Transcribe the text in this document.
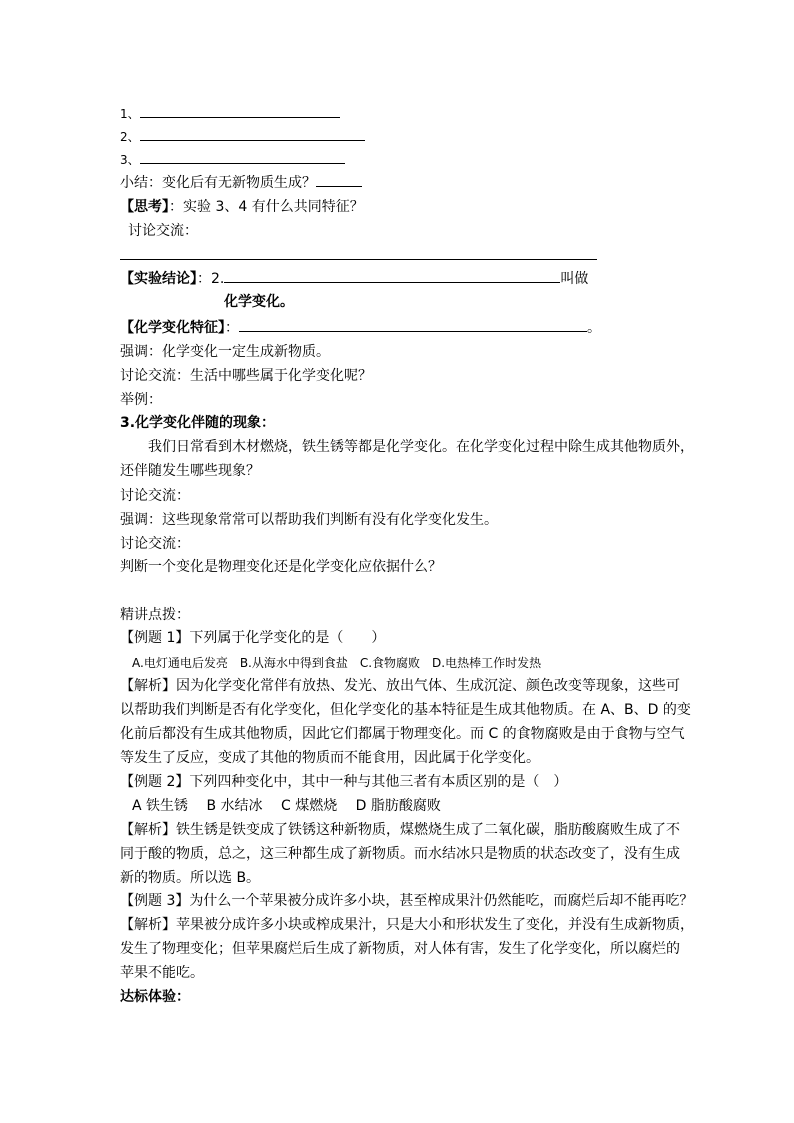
1、
2、
3、
小结：变化后有无新物质生成？
【思考】：实验 3、4 有什么共同特征？
讨论交流：
【实验结论】：2.	叫做
化学变化。
【化学变化特征】：	。
强调：化学变化一定生成新物质。
讨论交流：生活中哪些属于化学变化呢？
举例：
3.化学变化伴随的现象：
我们日常看到木材燃烧，铁生锈等都是化学变化。在化学变化过程中除生成其他物质外，
还伴随发生哪些现象？
讨论交流：
强调：这些现象常常可以帮助我们判断有没有化学变化发生。
讨论交流：
判断一个变化是物理变化还是化学变化应依据什么？
精讲点拨：
【例题 1】下列属于化学变化的是（　　）
A.电灯通电后发亮　B.从海水中得到食盐　C.食物腐败　D.电热棒工作时发热
【解析】因为化学变化常伴有放热、发光、放出气体、生成沉淀、颜色改变等现象，这些可
以帮助我们判断是否有化学变化，但化学变化的基本特征是生成其他物质。在 A、B、D 的变
化前后都没有生成其他物质，因此它们都属于物理变化。而 C 的食物腐败是由于食物与空气
等发生了反应，变成了其他的物质而不能食用，因此属于化学变化。
【例题 2】下列四种变化中，其中一种与其他三者有本质区别的是（　）
A 铁生锈　 B 水结冰　 C 煤燃烧　 D 脂肪酸腐败
【解析】铁生锈是铁变成了铁锈这种新物质，煤燃烧生成了二氧化碳，脂肪酸腐败生成了不
同于酸的物质，总之，这三种都生成了新物质。而水结冰只是物质的状态改变了，没有生成
新的物质。所以选 B。
【例题 3】为什么一个苹果被分成许多小块，甚至榨成果汁仍然能吃，而腐烂后却不能再吃？
【解析】苹果被分成许多小块或榨成果汁，只是大小和形状发生了变化，并没有生成新物质，
发生了物理变化；但苹果腐烂后生成了新物质，对人体有害，发生了化学变化，所以腐烂的
苹果不能吃。
达标体验：
